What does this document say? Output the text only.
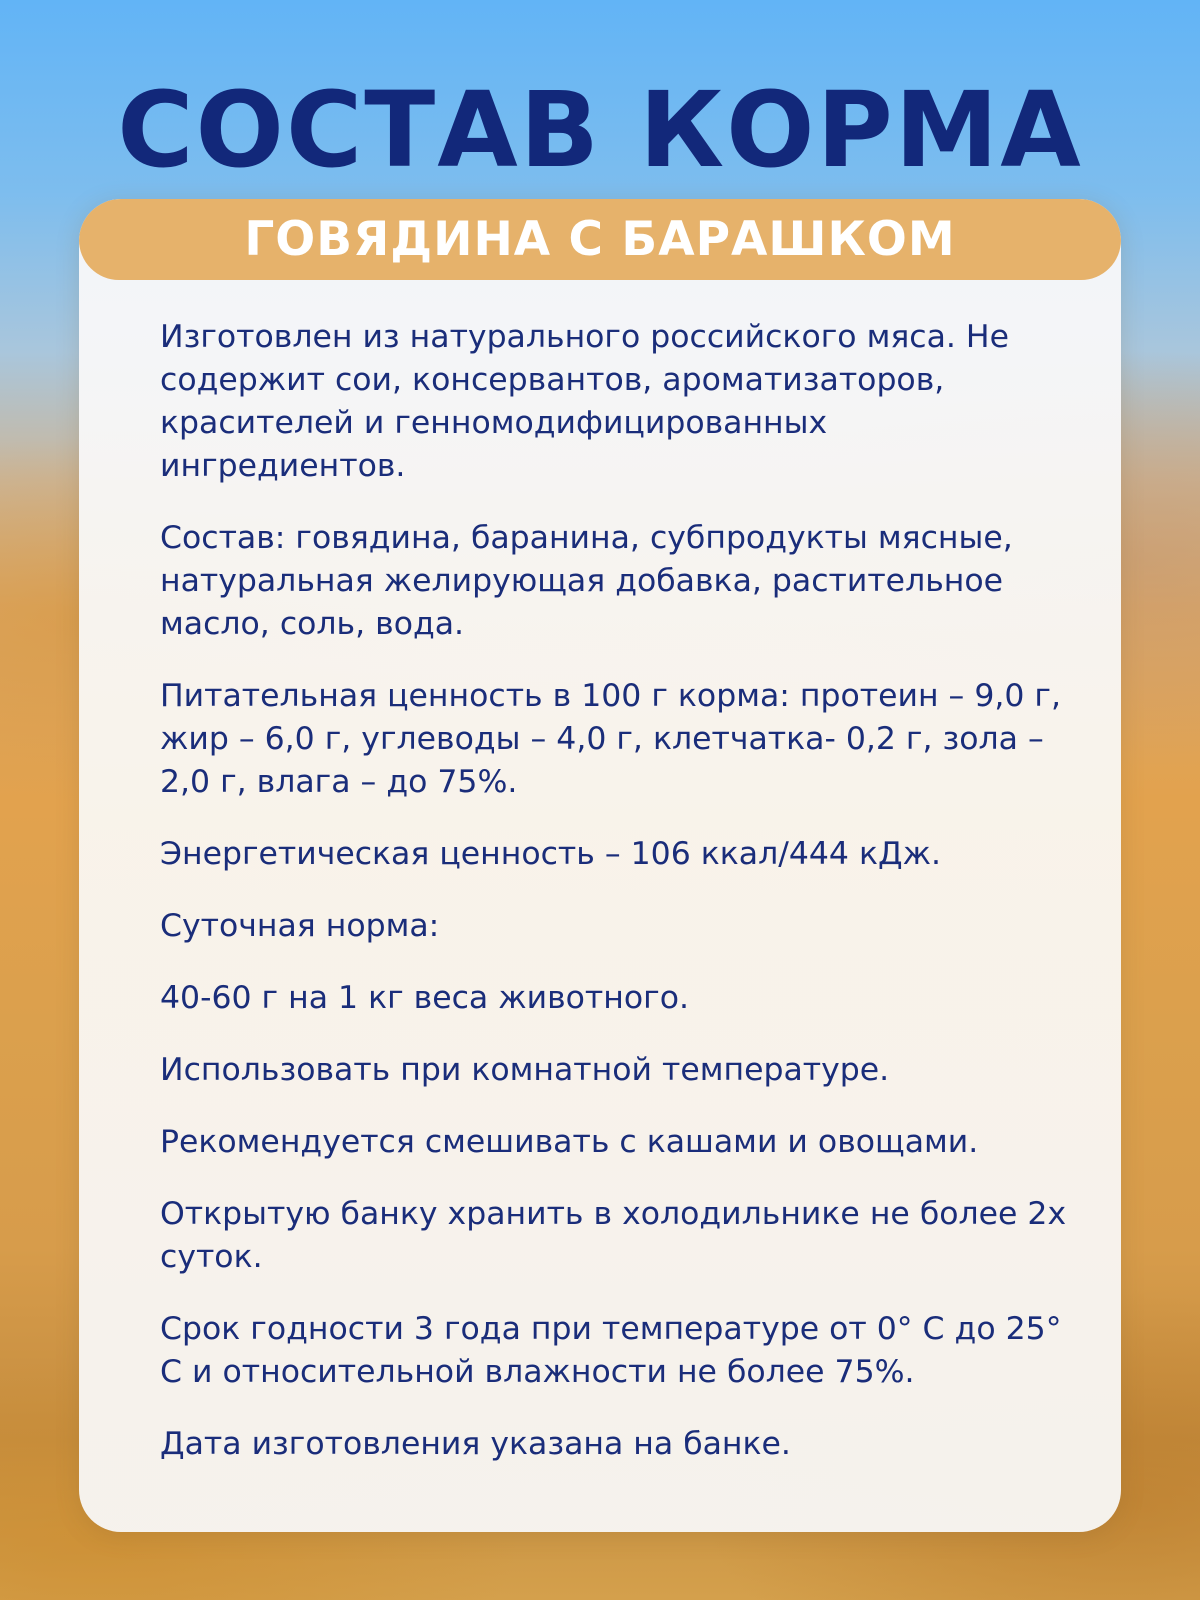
СОСТАВ КОРМА
ГОВЯДИНА С БАРАШКОМ

Изготовлен из натурального российского мяса. Не содержит сои, консервантов, ароматизаторов, красителей и генномодифицированных ингредиентов.

Состав: говядина, баранина, субпродукты мясные, натуральная желирующая добавка, растительное масло, соль, вода.

Питательная ценность в 100 г корма: протеин – 9,0 г, жир – 6,0 г, углеводы – 4,0 г, клетчатка- 0,2 г, зола – 2,0 г, влага – до 75%.

Энергетическая ценность – 106 ккал/444 кДж.

Суточная норма:

40-60 г на 1 кг веса животного.

Использовать при комнатной температуре.

Рекомендуется смешивать с кашами и овощами.

Открытую банку хранить в холодильнике не более 2х суток.

Срок годности 3 года при температуре от 0° С до 25° С и относительной влажности не более 75%.

Дата изготовления указана на банке.
